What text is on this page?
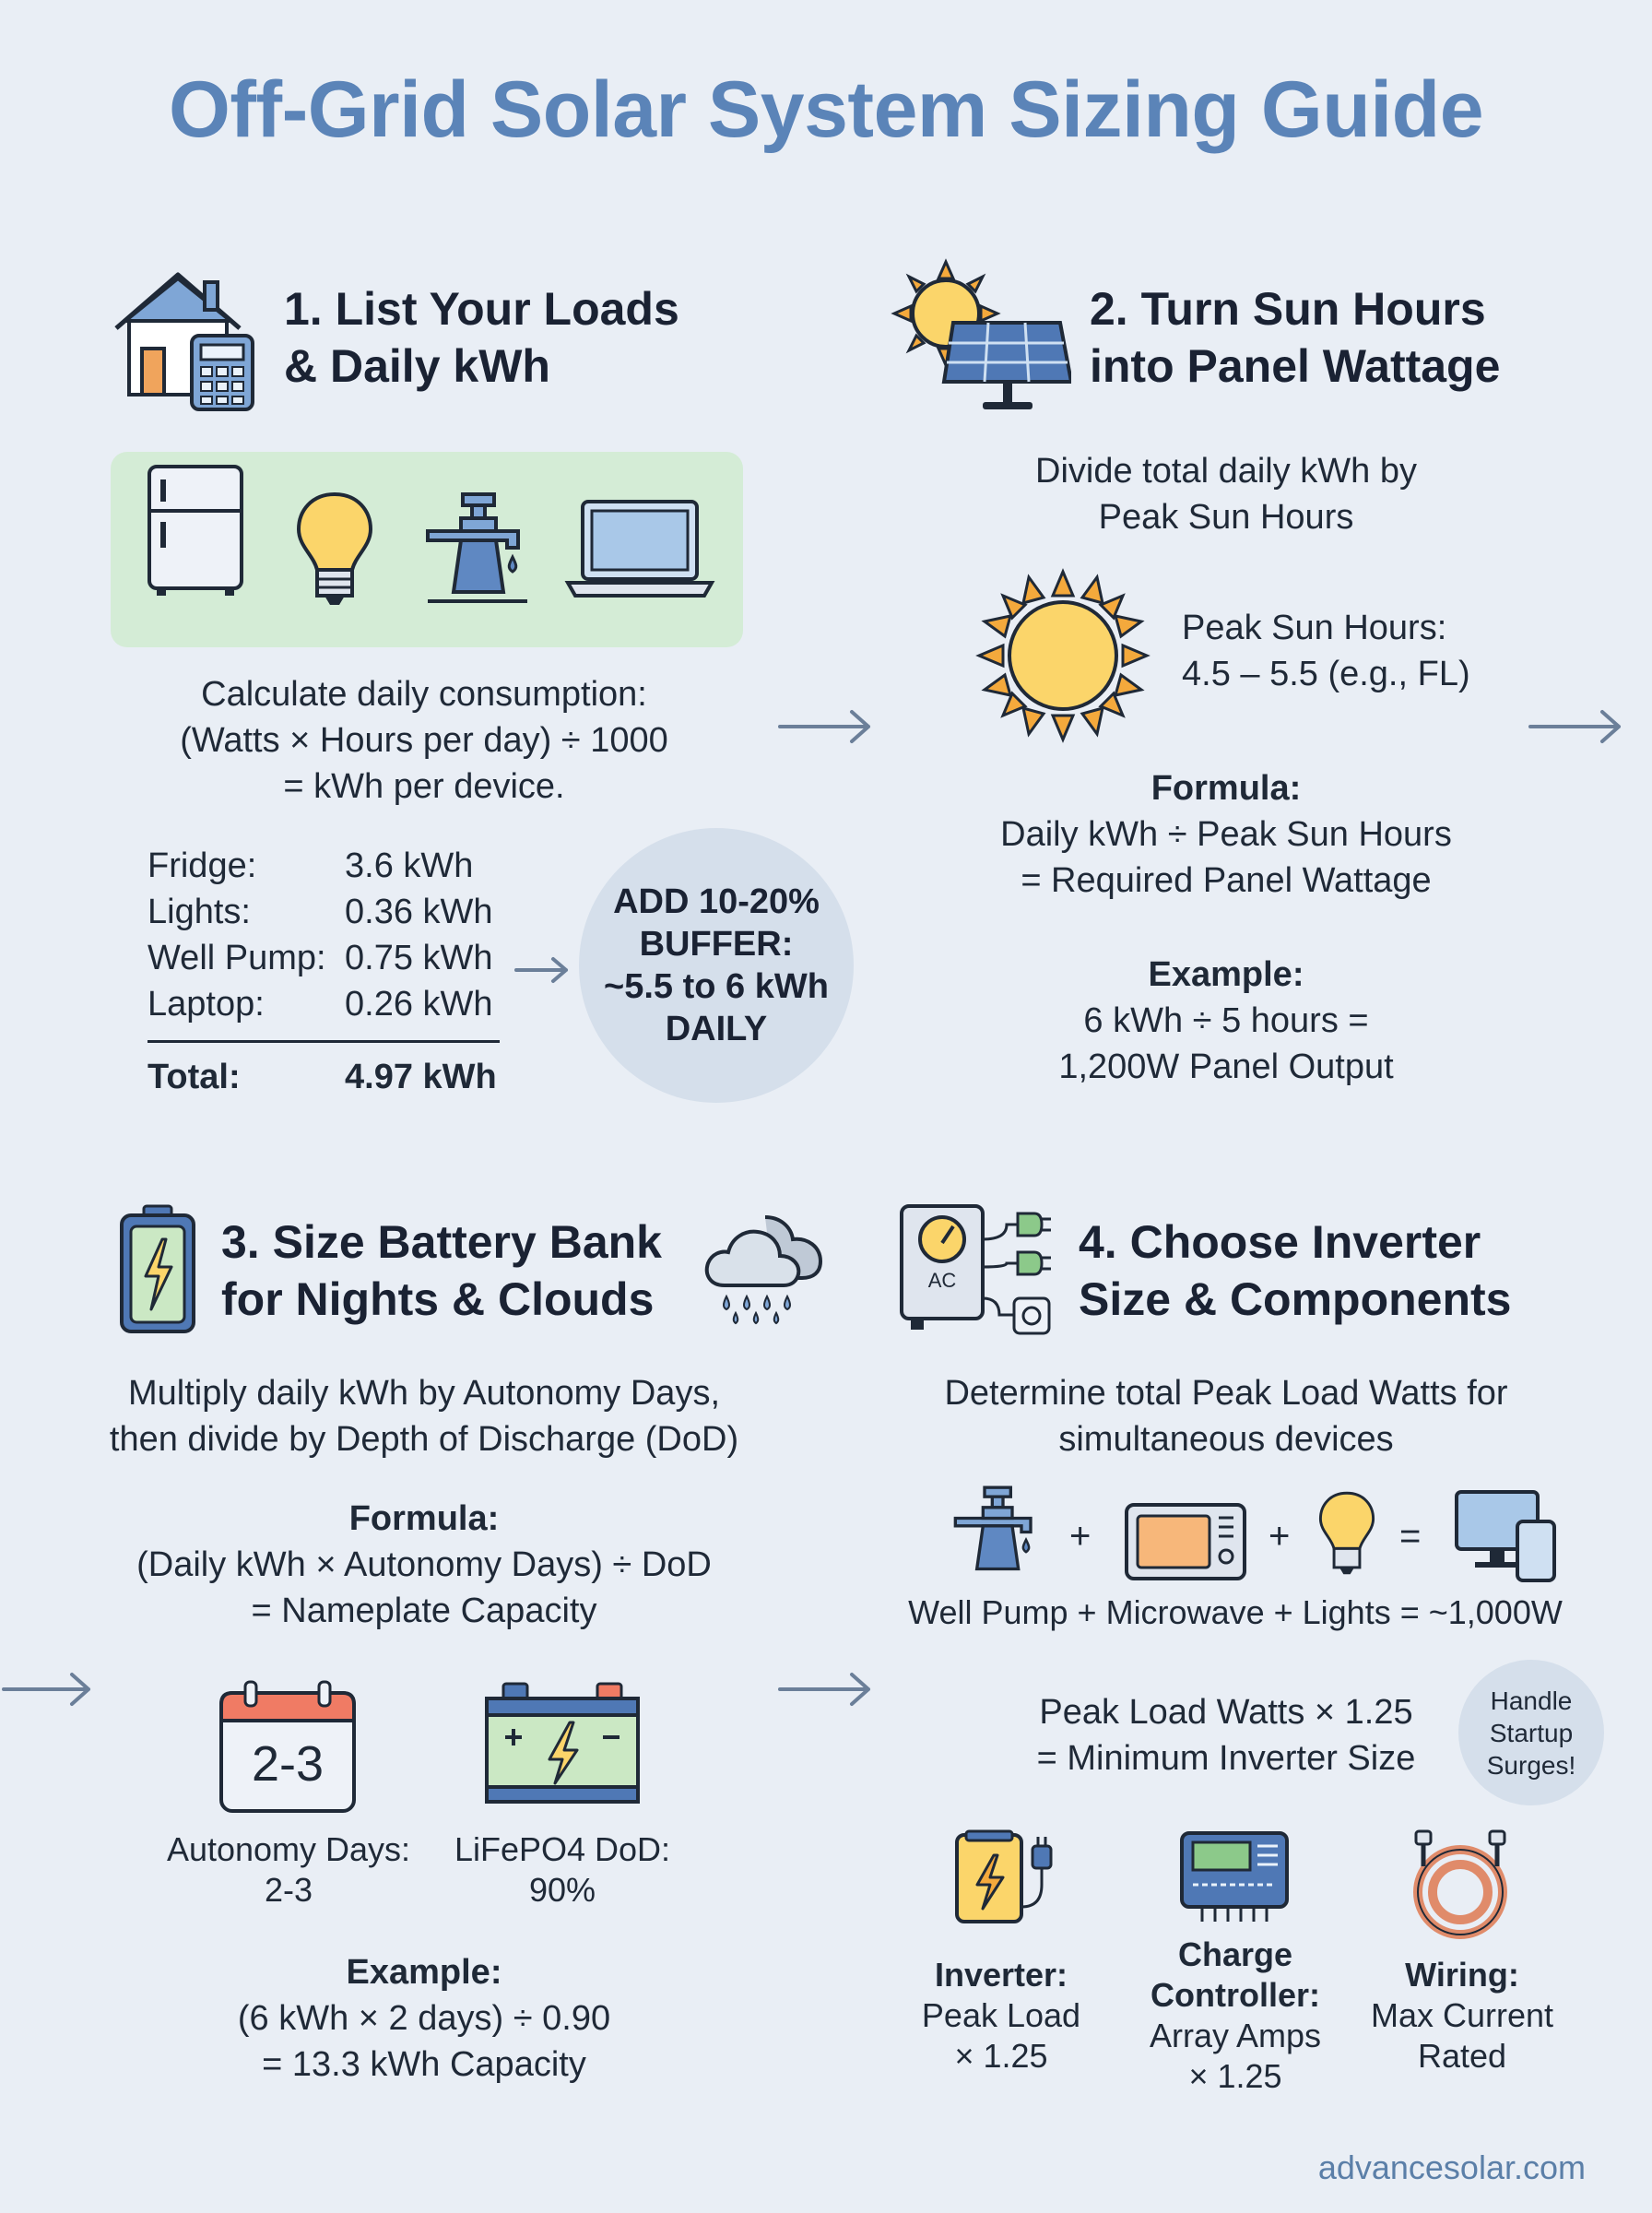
Off-Grid Solar System Sizing Guide
1. List Your Loads
& Daily kWh
Calculate daily consumption:
(Watts × Hours per day) ÷ 1000
= kWh per device.
Fridge:	3.6 kWh
Lights:	0.36 kWh
Well Pump: 0.75 kWh
Laptop: 0.26 kWh
Total:	4.97 kWh
ADD 10-20%
BUFFER:
~5.5 to 6 kWh
DAILY
2. Turn Sun Hours
into Panel Wattage
Divide total daily kWh by
Peak Sun Hours
Peak Sun Hours:
4.5 – 5.5 (e.g., FL)
Formula:
Daily kWh ÷ Peak Sun Hours
= Required Panel Wattage
Example:
6 kWh ÷ 5 hours =
1,200W Panel Output
3. Size Battery Bank
for Nights & Clouds
Multiply daily kWh by Autonomy Days,
then divide by Depth of Discharge (DoD)
Formula:
(Daily kWh × Autonomy Days) ÷ DoD
= Nameplate Capacity
2-3
Autonomy Days:
2-3
LiFePO4 DoD:
90%
Example:
(6 kWh × 2 days) ÷ 0.90
= 13.3 kWh Capacity
AC
4. Choose Inverter
Size & Components
Determine total Peak Load Watts for
simultaneous devices
+	+	=
Well Pump + Microwave + Lights = ~1,000W
Peak Load Watts × 1.25
= Minimum Inverter Size
Handle
Startup
Surges!
Inverter:
Peak Load
× 1.25
Charge
Controller:
Array Amps
× 1.25
Wiring:
Max Current
Rated
advancesolar.com
